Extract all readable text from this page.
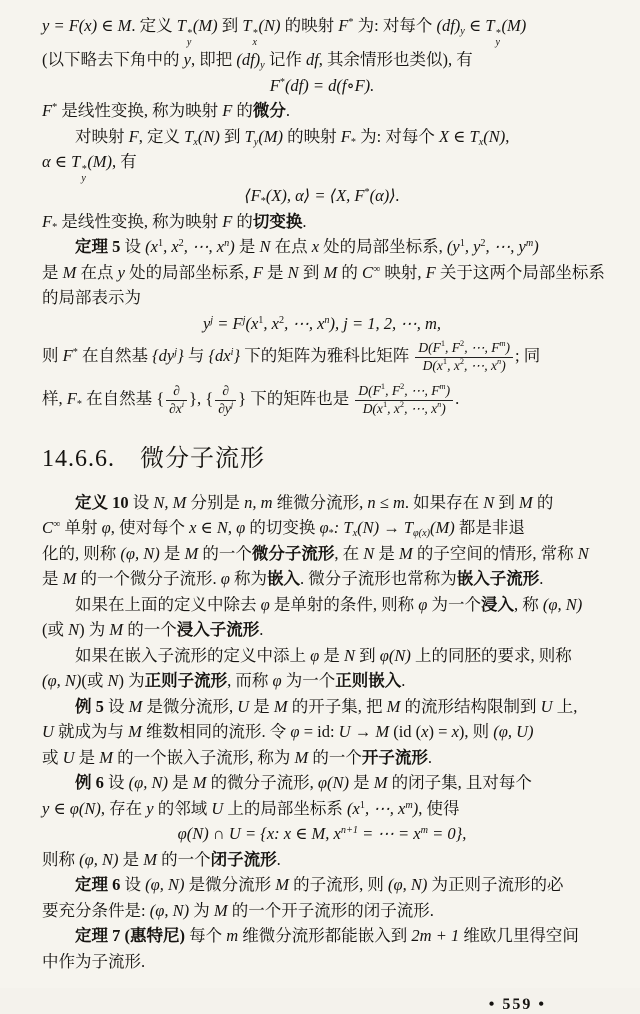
y = F(x) ∈ M. 定义 T *
y
(M) 到 T *
x
(N) 的映射 F* 为: 对每个 $(df)_y$ ∈ T *
y
(M)
(以下略去下角中的 y, 即把 $(df)_y$ 记作 df, 其余情形也类似), 有
F*(df) = d(f∘F).
F* 是线性变换, 称为映射 F 的微分.
对映射 F, 定义 $T_x(N)$ 到 $T_y(M)$ 的映射 $F_*$ 为: 对每个 X ∈ $T_x(N)$,
α ∈ T *
y
(M), 有
$⟨F_*(X)$, α⟩ = ⟨X, F*(α)⟩.
$F_*$ 是线性变换, 称为映射 F 的切变换.
定理 5 设 ($x^1$, $x^2$, ⋯, $x^n$) 是 N 在点 x 处的局部坐标系, ($y^1$, $y^2$, ⋯, $y^m$)
是 M 在点 y 处的局部坐标系, F 是 N 到 M 的 C∞ 映射, F 关于这两个局部坐标系
的局部表示为
$y^j = F^j(x^1$, $x^2$, ⋯, $x^n$), j = 1, 2, ⋯, m,
则 F* 在自然基 $\{dy^j\}$ 与 $\{dx^i\}$ 下的矩阵为雅科比矩阵 $\frac{D(F^1, F^2, \cdots, F^m)}{D(x^1, x^2, \cdots, x^n)}$ ; 同
样, $F_*$ 在自然基 { $\frac{\partial}{\partial x^i}$ }, { $\frac{\partial}{\partial y^j}$ } 下的矩阵也是 $\frac{D(F^1, F^2, \cdots, F^m)}{D(x^1, x^2, \cdots, x^n)}$ .
14.6.6.　微分子流形
定义 10 设 N, M 分别是 n, m 维微分流形, n ≤ m. 如果存在 N 到 M 的
C∞ 单射 φ, 使对每个 x ∈ N, φ 的切变换 $\varphi_*$: $T_x(N) \to T_{\varphi(x)}(M)$ 都是非退
化的, 则称 (φ, N) 是 M 的一个微分子流形, 在 N 是 M 的子空间的情形, 常称 N
是 M 的一个微分子流形. φ 称为嵌入. 微分子流形也常称为嵌入子流形.
如果在上面的定义中除去 φ 是单射的条件, 则称 φ 为一个浸入, 称 (φ, N)
(或 N) 为 M 的一个浸入子流形.
如果在嵌入子流形的定义中添上 φ 是 N 到 φ(N) 上的同胚的要求, 则称
(φ, N)(或 N) 为正则子流形, 而称 φ 为一个正则嵌入.
例 5 设 M 是微分流形, U 是 M 的开子集, 把 M 的流形结构限制到 U 上,
U 就成为与 M 维数相同的流形. 令 φ = id: U → M (id (x) = x), 则 (φ, U)
或 U 是 M 的一个嵌入子流形, 称为 M 的一个开子流形.
例 6 设 (φ, N) 是 M 的微分子流形, φ(N) 是 M 的闭子集, 且对每个
y ∈ φ(N), 存在 y 的邻域 U 上的局部坐标系 ($x^1$, ⋯, $x^m$), 使得
φ(N) ∩ U = {x: x ∈ M, $x^{n+1}$ = ⋯ = $x^m = 0$},
则称 (φ, N) 是 M 的一个闭子流形.
定理 6 设 (φ, N) 是微分流形 M 的子流形, 则 (φ, N) 为正则子流形的必
要充分条件是: (φ, N) 为 M 的一个开子流形的闭子流形.
定理 7 (惠特尼) 每个 m 维微分流形都能嵌入到 2m + 1 维欧几里得空间
中作为子流形.
• 559 •
